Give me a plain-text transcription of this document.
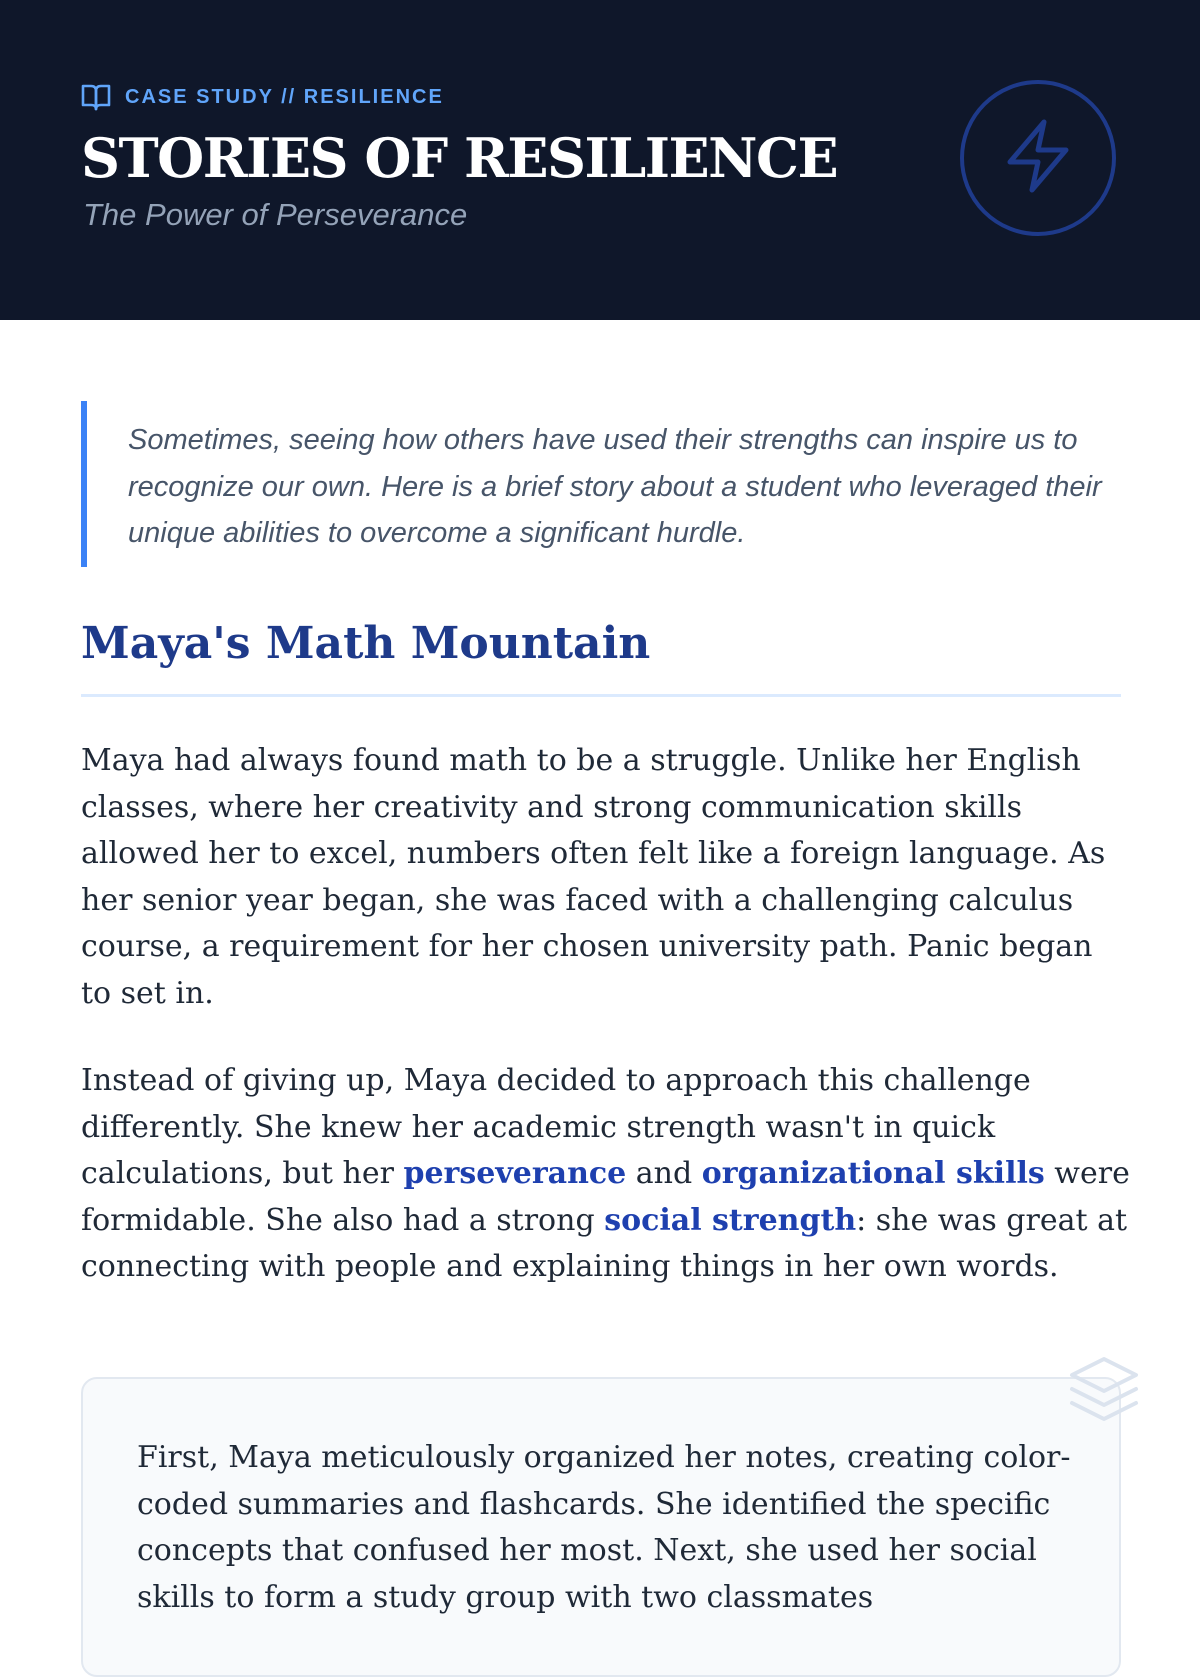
CASE STUDY // RESILIENCE
STORIES OF RESILIENCE
The Power of Perseverance
Sometimes, seeing how others have used their strengths can inspire us to recognize our own. Here is a brief story about a student who leveraged their unique abilities to overcome a significant hurdle.
Maya's Math Mountain

Maya had always found math to be a struggle. Unlike her English classes, where her creativity and strong communication skills allowed her to excel, numbers often felt like a foreign language. As her senior year began, she was faced with a challenging calculus course, a requirement for her chosen university path. Panic began to set in.

Instead of giving up, Maya decided to approach this challenge differently. She knew her academic strength wasn't in quick calculations, but her perseverance and organizational skills were formidable. She also had a strong social strength: she was great at connecting with people and explaining things in her own words.

First, Maya meticulously organized her notes, creating color-coded summaries and flashcards. She identified the specific concepts that confused her most. Next, she used her social skills to form a study group with two classmates
